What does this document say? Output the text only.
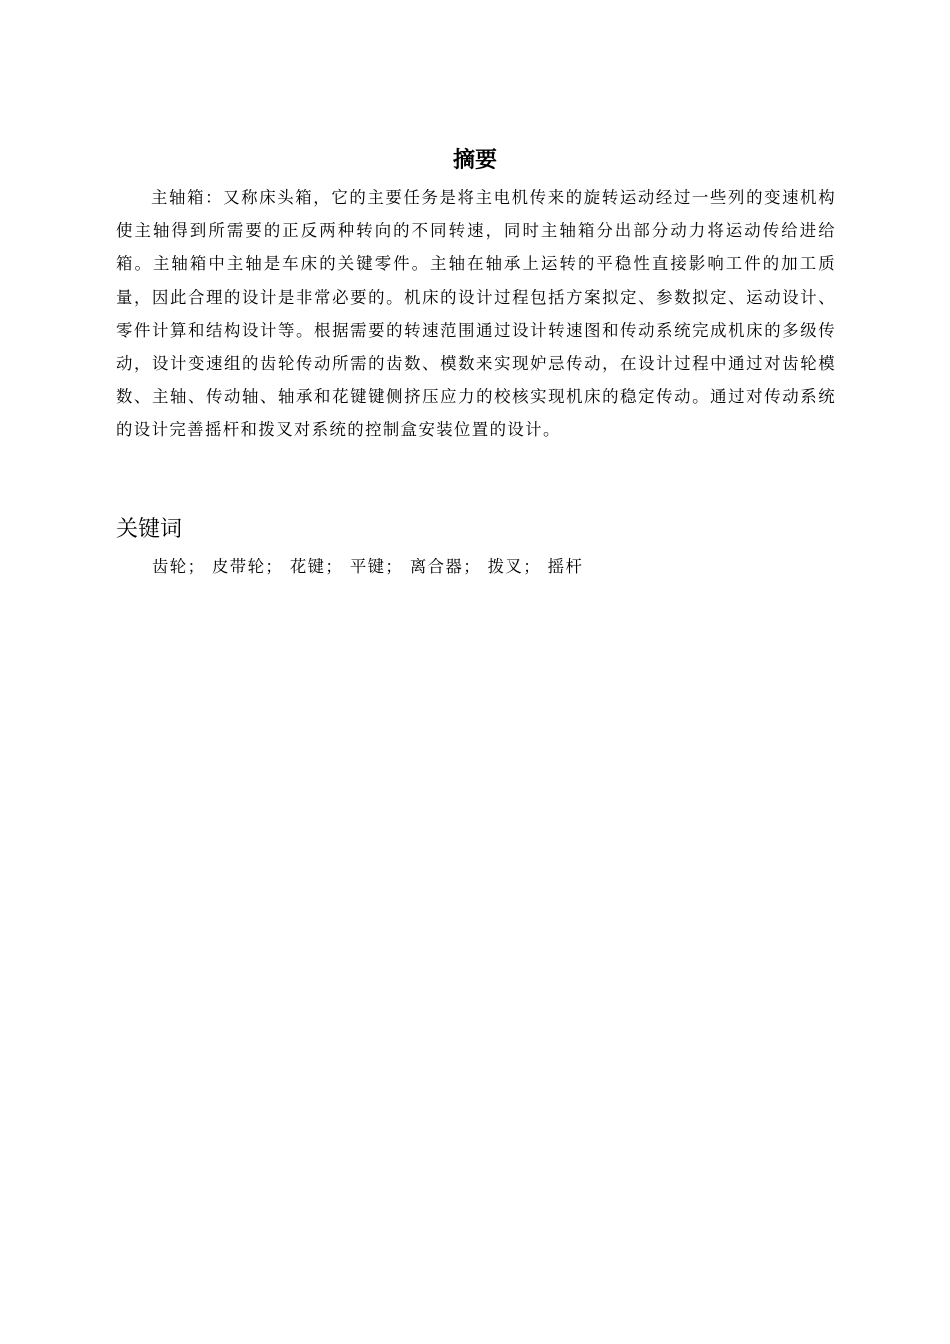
摘要

主轴箱：又称床头箱，它的主要任务是将主电机传来的旋转运动经过一些列的变速机构使主轴得到所需要的正反两种转向的不同转速，同时主轴箱分出部分动力将运动传给进给箱。主轴箱中主轴是车床的关键零件。主轴在轴承上运转的平稳性直接影响工件的加工质量，因此合理的设计是非常必要的。机床的设计过程包括方案拟定、参数拟定、运动设计、零件计算和结构设计等。根据需要的转速范围通过设计转速图和传动系统完成机床的多级传动，设计变速组的齿轮传动所需的齿数、模数来实现妒忌传动，在设计过程中通过对齿轮模数、主轴、传动轴、轴承和花键键侧挤压应力的校核实现机床的稳定传动。通过对传动系统的设计完善摇杆和拨叉对系统的控制盒安装位置的设计。

关键词
齿轮； 皮带轮； 花键； 平键； 离合器； 拨叉； 摇杆
